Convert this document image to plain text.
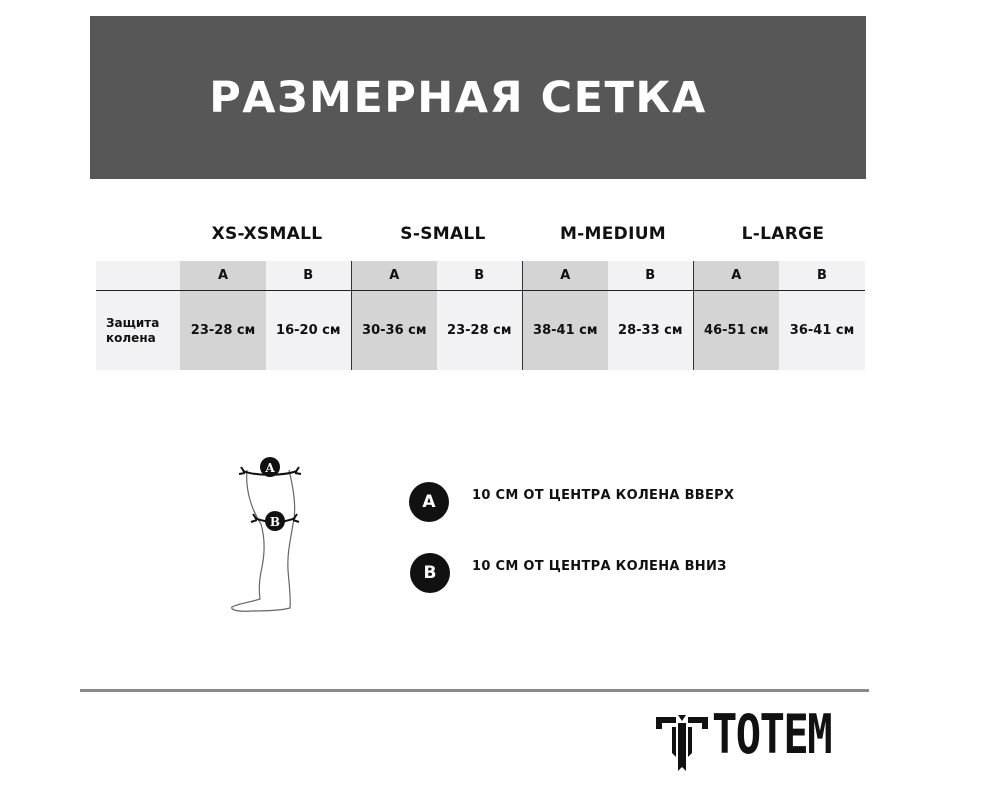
РАЗМЕРНАЯ СЕТКА
XS-XSMALL	S-SMALL	M-MEDIUM	L-LARGE
	A	B	A	B	A	B	A	B
Защита
колена	23-28 см	16-20 см	30-36 см	23-28 см	38-41 см	28-33 см	46-51 см	36-41 см
A
B
A	10 СМ ОТ ЦЕНТРА КОЛЕНА ВВЕРХ
B	10 СМ ОТ ЦЕНТРА КОЛЕНА ВНИЗ
TOTEM
